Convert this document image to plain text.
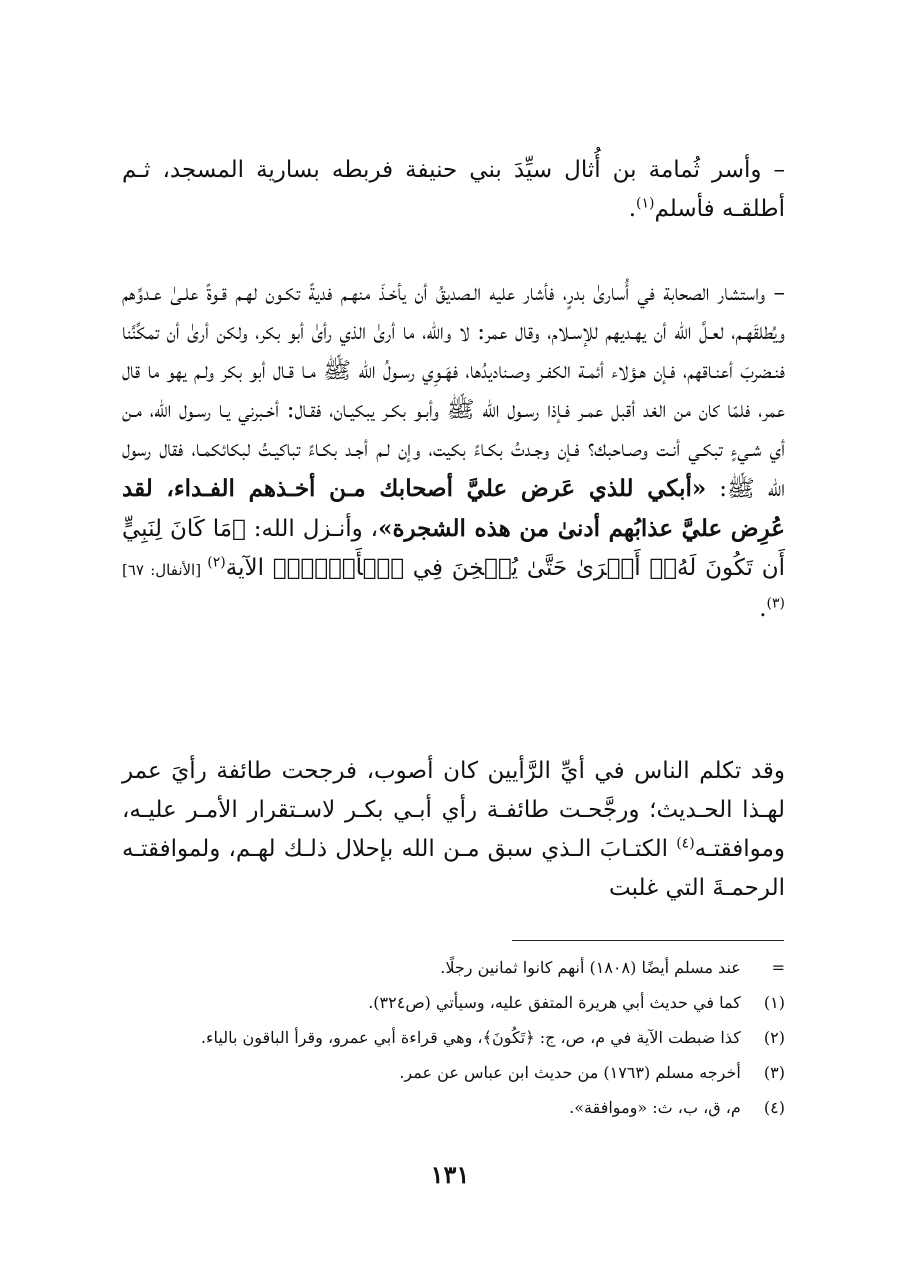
– وأسر ثُمامة بن أُثال سيِّدَ بني حنيفة فربطه بسارية المسجد، ثـم أطلقـه فأسلم$^{(١)}$.

– واستشار الصحابة في أُساریٰ بدرٍ، فأشار عليه الـصديقُ أن يأخـذَ منهـم فديةً تكـون لهـم قـوةً علـىٰ عـدوِّهم ويُطلقَهـم، لعـلَّ الله أن يهـديهم للإسـلام، وقال عمر: لا والله، ما أرىٰ الذي رأىٰ أبو بكر، ولكن أرىٰ أن تمكِّنَّنا فنـضربَ أعنـاقهم، فـإن هـؤلاء أئمـة الكفـر وصـناديدُها، فهَـوِي رسـولُ الله ﷺ مـا قـال أبو بكر ولـم يهو ما قال عمر، فلمّا كان من الغد أقبل عمـر فـإذا رسـول الله ﷺ وأبـو بكـر يبكيـان، فقـال: أخـبرني يـا رسـول الله، مـن أي شـيءٍ تبكـي أنـت وصـاحبك؟ فـإن وجـدتُ بكـاءً بكيت، وإن لـم أجـد بكـاءً تباكيـتُ لبكائكمـا، فقال رسول الله ﷺ: «أبكي للذي عَرض عليَّ أصحابك مـن أخـذهم الفـداء، لقد عُرِض عليَّ عذابُهم أدنىٰ من هذه الشجرة»، وأنـزل الله: ﴿مَا كَانَ لِنَبِيٍّ أَن تَكُونَ لَهُۥٓ أَسۡرَىٰ حَتَّىٰ يُثۡخِنَ فِي ٱلۡأَرۡضِۚ﴾ الآية$^{(٢)}$ [الأنفال: ٦٧]$^{(٣)}$.

وقد تكلم الناس في أيِّ الرَّأيين كان أصوب، فرجحت طائفة رأيَ عمر لهـذا الحـديث؛ ورجَّحـت طائفـة رأي أبـي بكـر لاسـتقرار الأمـر عليـه، وموافقتـه$^{(٤)}$ الكتـابَ الـذي سبق مـن الله بإحلال ذلـك لهـم، ولموافقتـه الرحمـةَ التي غلبت

=  عند مسلم أيضًا (١٨٠٨) أنهم كانوا ثمانين رجلًا.
(١)  كما في حديث أبي هريرة المتفق عليه، وسيأتي (ص٣٢٤).
(٢)  كذا ضبطت الآية في م، ص، ج: ﴿تَكُونَ﴾، وهي قراءة أبي عمرو، وقرأ الباقون بالياء.
(٣)  أخرجه مسلم (١٧٦٣) من حديث ابن عباس عن عمر.
(٤)  م، ق، ب، ث: «وموافقة».
١٣١
